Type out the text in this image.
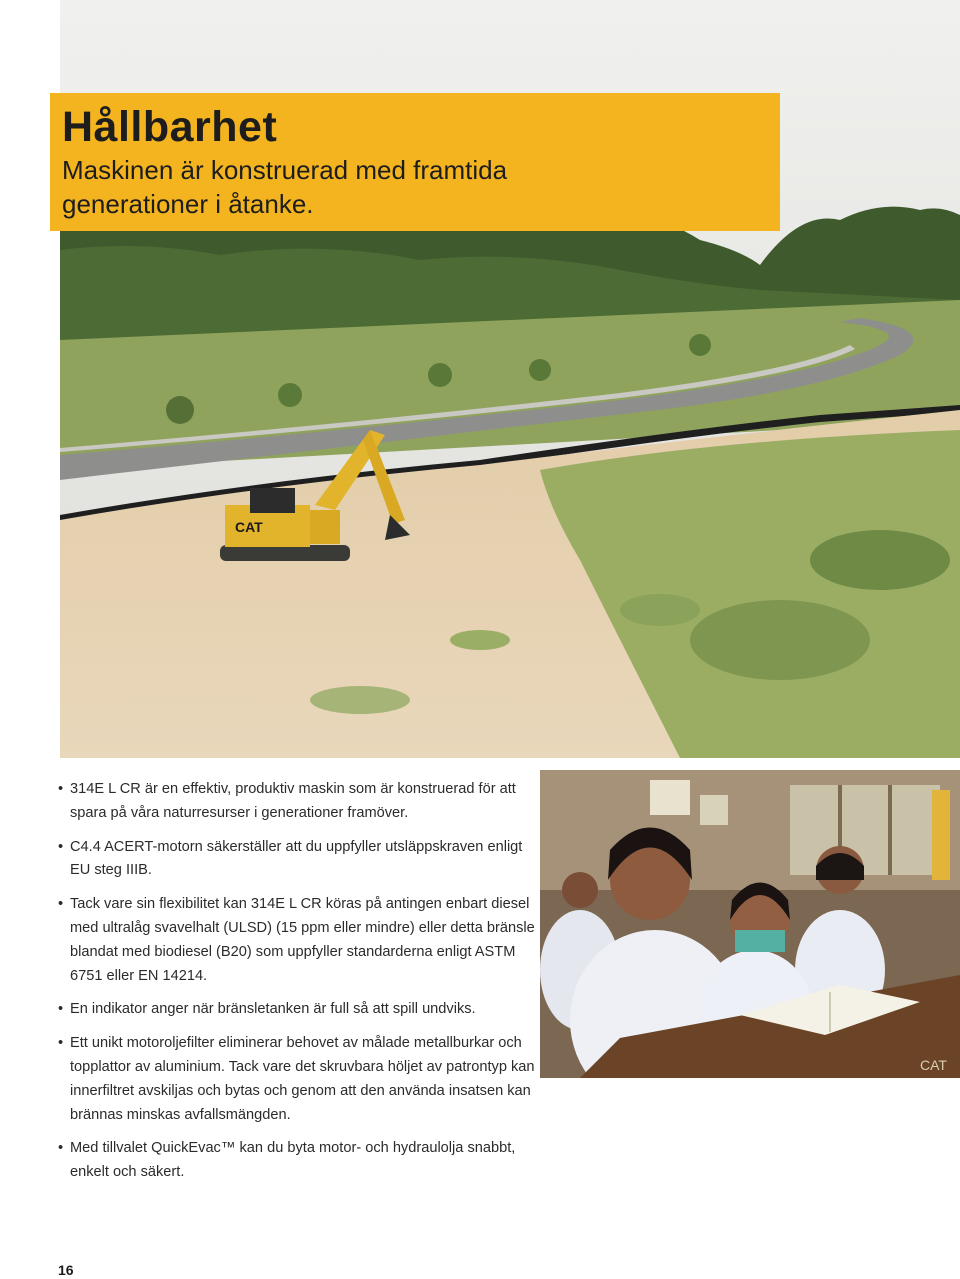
CAT
Hållbarhet
Maskinen är konstruerad med framtida generationer i åtanke.
• 314E L CR är en effektiv, produktiv maskin som är konstruerad för att spara på våra naturresurser i generationer framöver.
• C4.4 ACERT-motorn säkerställer att du uppfyller utsläppskraven enligt EU steg IIIB.
• Tack vare sin flexibilitet kan 314E L CR köras på antingen enbart diesel med ultralåg svavelhalt (ULSD) (15 ppm eller mindre) eller detta bränsle blandat med biodiesel (B20) som uppfyller standarderna enligt ASTM 6751 eller EN 14214.
• En indikator anger när bränsletanken är full så att spill undviks.
• Ett unikt motoroljefilter eliminerar behovet av målade metallburkar och topplattor av aluminium. Tack vare det skruvbara höljet av patrontyp kan innerfiltret avskiljas och bytas och genom att den använda insatsen kan brännas minskas avfallsmängden.
• Med tillvalet QuickEvac™ kan du byta motor- och hydraulolja snabbt, enkelt och säkert.
CAT
16
